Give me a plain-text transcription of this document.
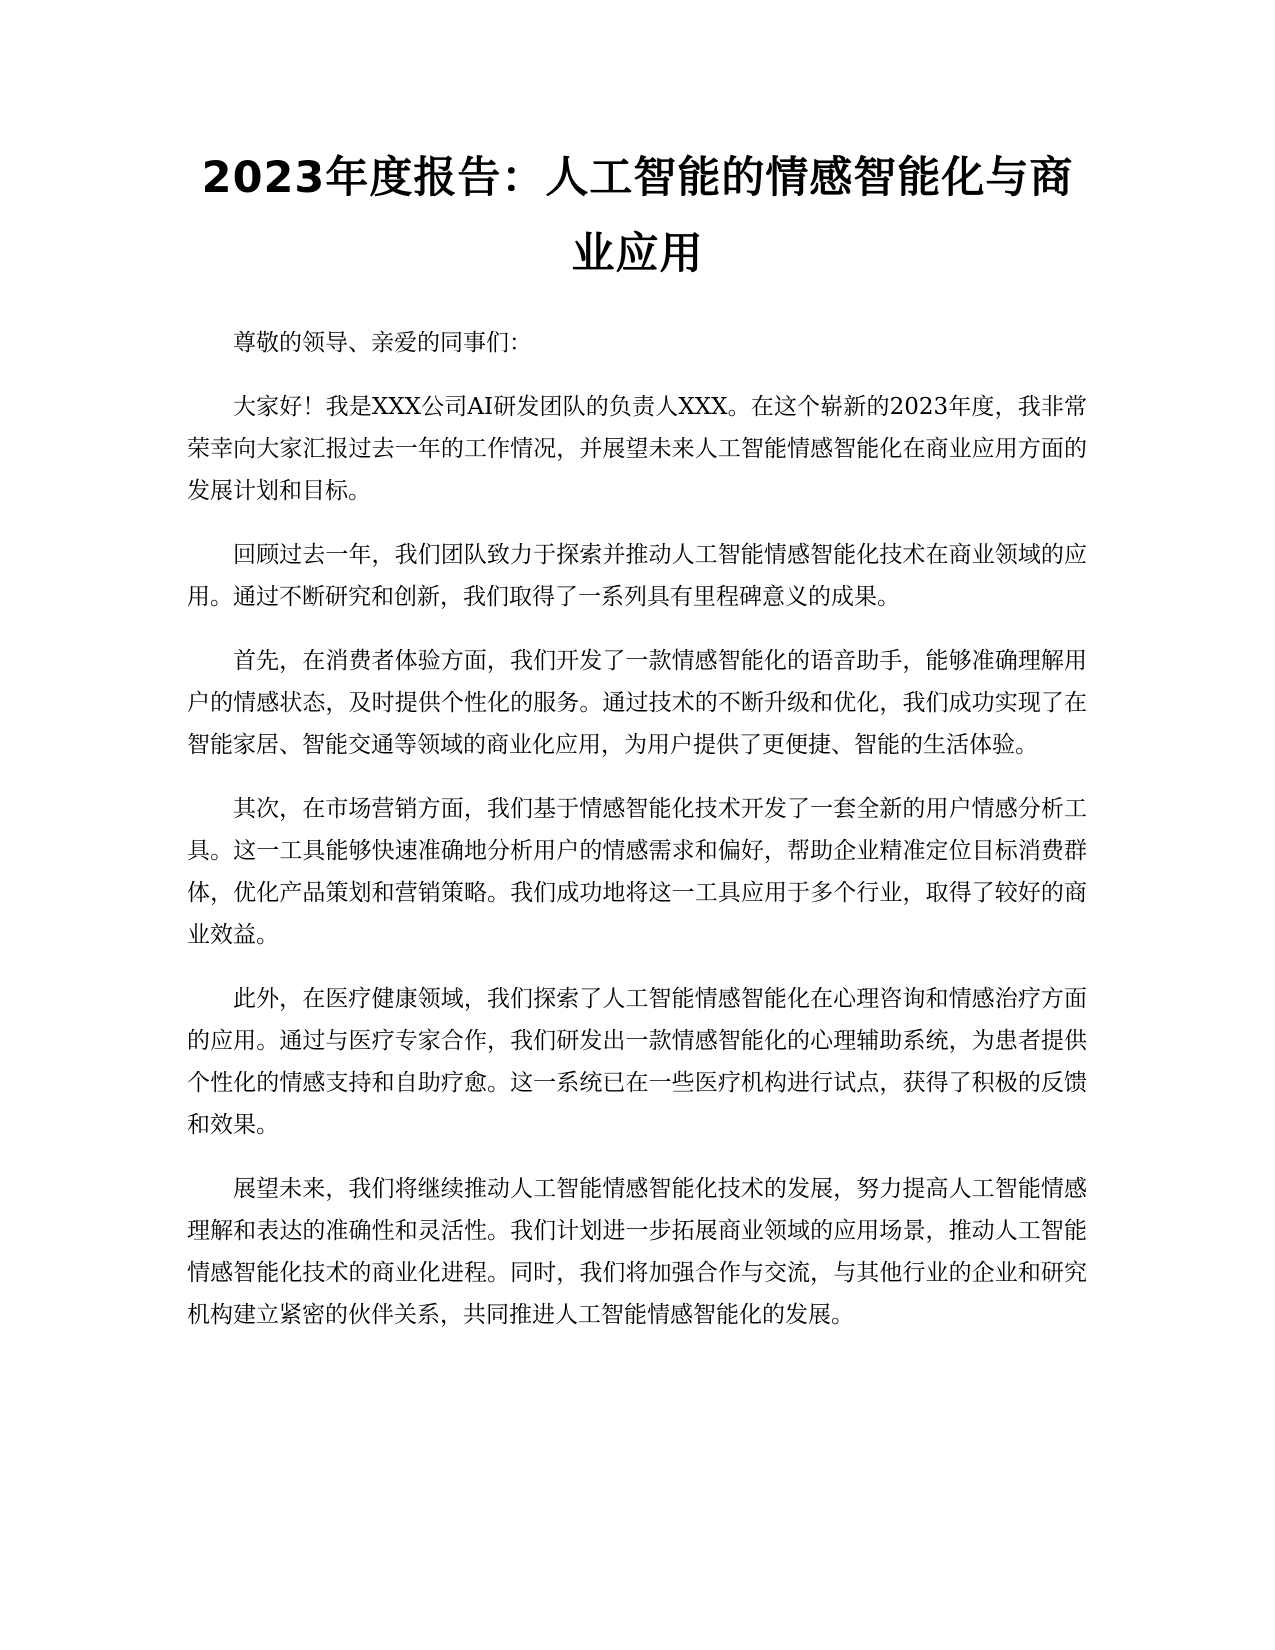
2023年度报告：人工智能的情感智能化与商业应用

尊敬的领导、亲爱的同事们：

大家好！我是XXX公司AI研发团队的负责人XXX。在这个崭新的2023年度，我非常荣幸向大家汇报过去一年的工作情况，并展望未来人工智能情感智能化在商业应用方面的发展计划和目标。

回顾过去一年，我们团队致力于探索并推动人工智能情感智能化技术在商业领域的应用。通过不断研究和创新，我们取得了一系列具有里程碑意义的成果。

首先，在消费者体验方面，我们开发了一款情感智能化的语音助手，能够准确理解用户的情感状态，及时提供个性化的服务。通过技术的不断升级和优化，我们成功实现了在智能家居、智能交通等领域的商业化应用，为用户提供了更便捷、智能的生活体验。

其次，在市场营销方面，我们基于情感智能化技术开发了一套全新的用户情感分析工具。这一工具能够快速准确地分析用户的情感需求和偏好，帮助企业精准定位目标消费群体，优化产品策划和营销策略。我们成功地将这一工具应用于多个行业，取得了较好的商业效益。

此外，在医疗健康领域，我们探索了人工智能情感智能化在心理咨询和情感治疗方面的应用。通过与医疗专家合作，我们研发出一款情感智能化的心理辅助系统，为患者提供个性化的情感支持和自助疗愈。这一系统已在一些医疗机构进行试点，获得了积极的反馈和效果。

展望未来，我们将继续推动人工智能情感智能化技术的发展，努力提高人工智能情感理解和表达的准确性和灵活性。我们计划进一步拓展商业领域的应用场景，推动人工智能情感智能化技术的商业化进程。同时，我们将加强合作与交流，与其他行业的企业和研究机构建立紧密的伙伴关系，共同推进人工智能情感智能化的发展。
